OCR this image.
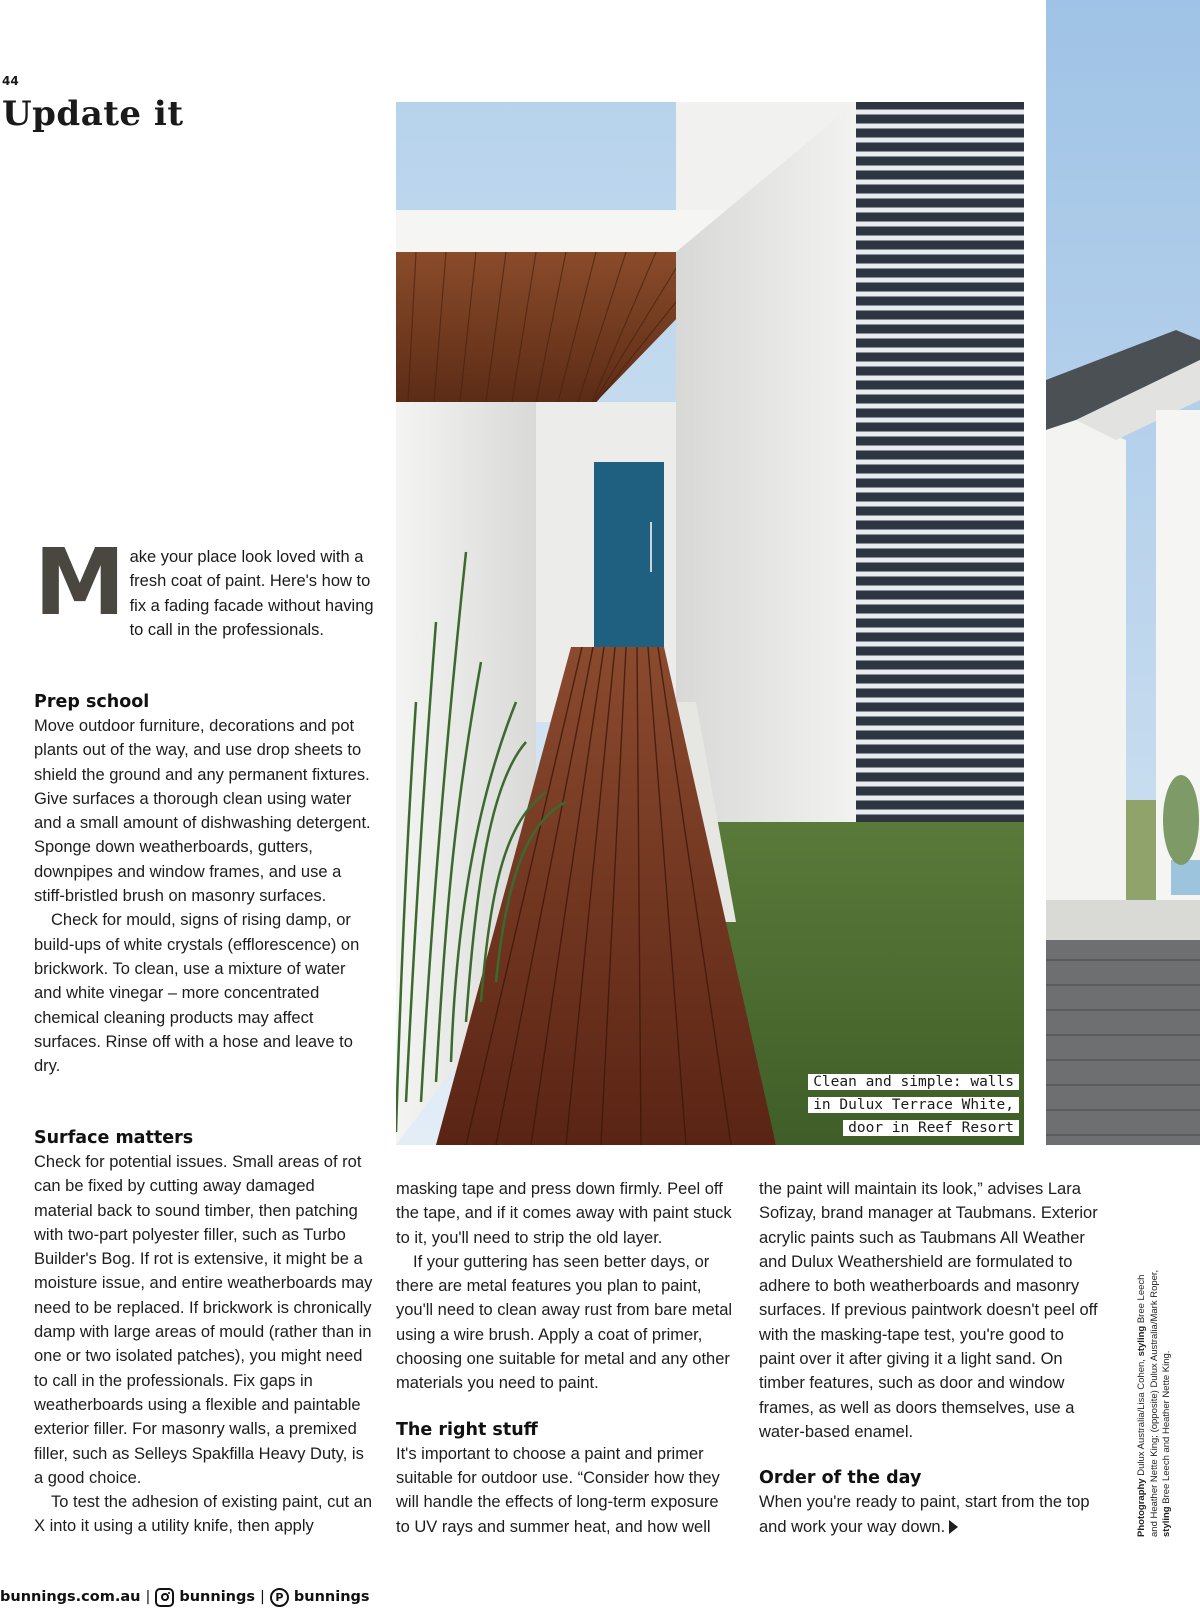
44
Update it
Clean and simple: walls
in Dulux Terrace White,
door in Reef Resort
M ake your place look loved with a fresh coat of paint. Here's how to fix a fading facade without having to call in the professionals.
Prep school

Move outdoor furniture, decorations and pot plants out of the way, and use drop sheets to shield the ground and any permanent fixtures. Give surfaces a thorough clean using water and a small amount of dishwashing detergent. Sponge down weatherboards, gutters, downpipes and window frames, and use a stiff-bristled brush on masonry surfaces.

Check for mould, signs of rising damp, or build-ups of white crystals (efflorescence) on brickwork. To clean, use a mixture of water and white vinegar – more concentrated chemical cleaning products may affect surfaces. Rinse off with a hose and leave to dry.

Surface matters

Check for potential issues. Small areas of rot can be fixed by cutting away damaged material back to sound timber, then patching with two-part polyester filler, such as Turbo Builder's Bog. If rot is extensive, it might be a moisture issue, and entire weatherboards may need to be replaced. If brickwork is chronically damp with large areas of mould (rather than in one or two isolated patches), you might need to call in the professionals. Fix gaps in weatherboards using a flexible and paintable exterior filler. For masonry walls, a premixed filler, such as Selleys Spakfilla Heavy Duty, is a good choice.

To test the adhesion of existing paint, cut an X into it using a utility knife, then apply

masking tape and press down firmly. Peel off the tape, and if it comes away with paint stuck to it, you'll need to strip the old layer.

If your guttering has seen better days, or there are metal features you plan to paint, you'll need to clean away rust from bare metal using a wire brush. Apply a coat of primer, choosing one suitable for metal and any other materials you need to paint.

The right stuff

It's important to choose a paint and primer suitable for outdoor use. “Consider how they will handle the effects of long-term exposure to UV rays and summer heat, and how well

the paint will maintain its look,” advises Lara Sofizay, brand manager at Taubmans. Exterior acrylic paints such as Taubmans All Weather and Dulux Weathershield are formulated to adhere to both weatherboards and masonry surfaces. If previous paintwork doesn't peel off with the masking-tape test, you're good to paint over it after giving it a light sand. On timber features, such as door and window frames, as well as doors themselves, use a water-based enamel.

Order of the day

When you're ready to paint, start from the top and work your way down.	Photography Dulux Australia/Lisa Cohen, styling Bree Leech and Heather Nette King; (opposite) Dulux Australia/Mark Roper, styling Bree Leech and Heather Nette King.
bunnings.com.au | bunnings | P bunnings
